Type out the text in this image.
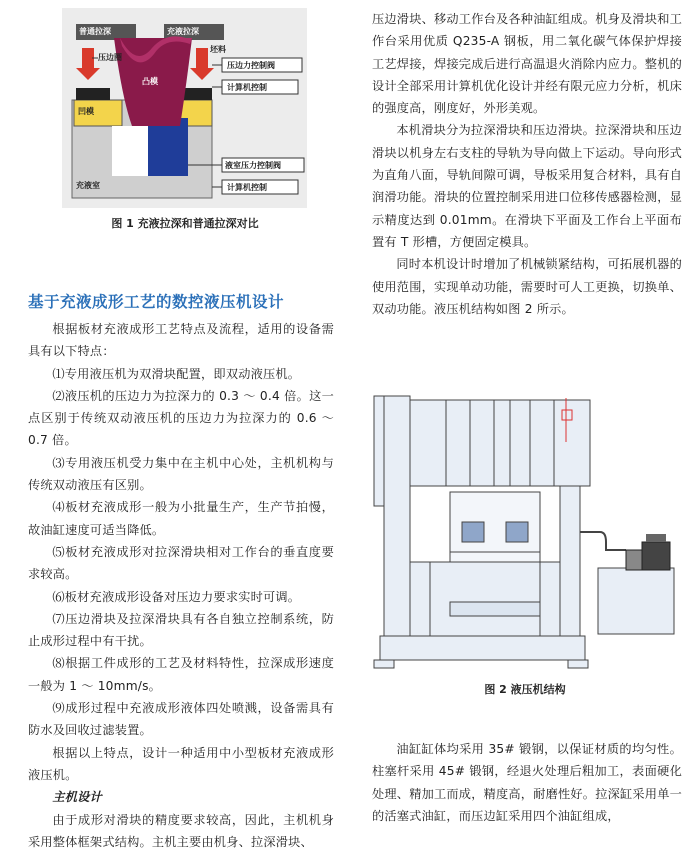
普通拉深	充液拉深
压边圈
坯料
凸模
凹模
压边力控制阀
计算机控制
充液室
液室压力控制阀
计算机控制
图 1 充液拉深和普通拉深对比
基于充液成形工艺的数控液压机设计

根据板材充液成形工艺特点及流程，适用的设备需具有以下特点：

⑴专用液压机为双滑块配置，即双动液压机。

⑵液压机的压边力为拉深力的 0.3 ～ 0.4 倍。这一点区别于传统双动液压机的压边力为拉深力的 0.6 ～ 0.7 倍。

⑶专用液压机受力集中在主机中心处，主机机构与传统双动液压有区别。

⑷板材充液成形一般为小批量生产，生产节拍慢，故油缸速度可适当降低。

⑸板材充液成形对拉深滑块相对工作台的垂直度要求较高。

⑹板材充液成形设备对压边力要求实时可调。

⑺压边滑块及拉深滑块具有各自独立控制系统，防止成形过程中有干扰。

⑻根据工件成形的工艺及材料特性，拉深成形速度一般为 1 ～ 10mm/s。

⑼成形过程中充液成形液体四处喷溅，设备需具有防水及回收过滤装置。

根据以上特点，设计一种适用中小型板材充液成形液压机。

主机设计

由于成形对滑块的精度要求较高，因此，主机机身采用整体框架式结构。主机主要由机身、拉深滑块、

压边滑块、移动工作台及各种油缸组成。机身及滑块和工作台采用优质 Q235-A 钢板，用二氧化碳气体保护焊接工艺焊接，焊接完成后进行高温退火消除内应力。整机的设计全部采用计算机优化设计并经有限元应力分析，机床的强度高，刚度好，外形美观。

本机滑块分为拉深滑块和压边滑块。拉深滑块和压边滑块以机身左右支柱的导轨为导向做上下运动。导向形式为直角八面，导轨间隙可调，导板采用复合材料，具有自润滑功能。滑块的位置控制采用进口位移传感器检测，显示精度达到 0.01mm。在滑块下平面及工作台上平面布置有 T 形槽，方便固定模具。

同时本机设计时增加了机械锁紧结构，可拓展机器的使用范围，实现单动功能，需要时可人工更换，切换单、双动功能。液压机结构如图 2 所示。

图 2 液压机结构

油缸缸体均采用 35# 锻钢，以保证材质的均匀性。柱塞杆采用 45# 锻钢，经退火处理后粗加工，表面硬化处理、精加工而成，精度高，耐磨性好。拉深缸采用单一的活塞式油缸，而压边缸采用四个油缸组成，
